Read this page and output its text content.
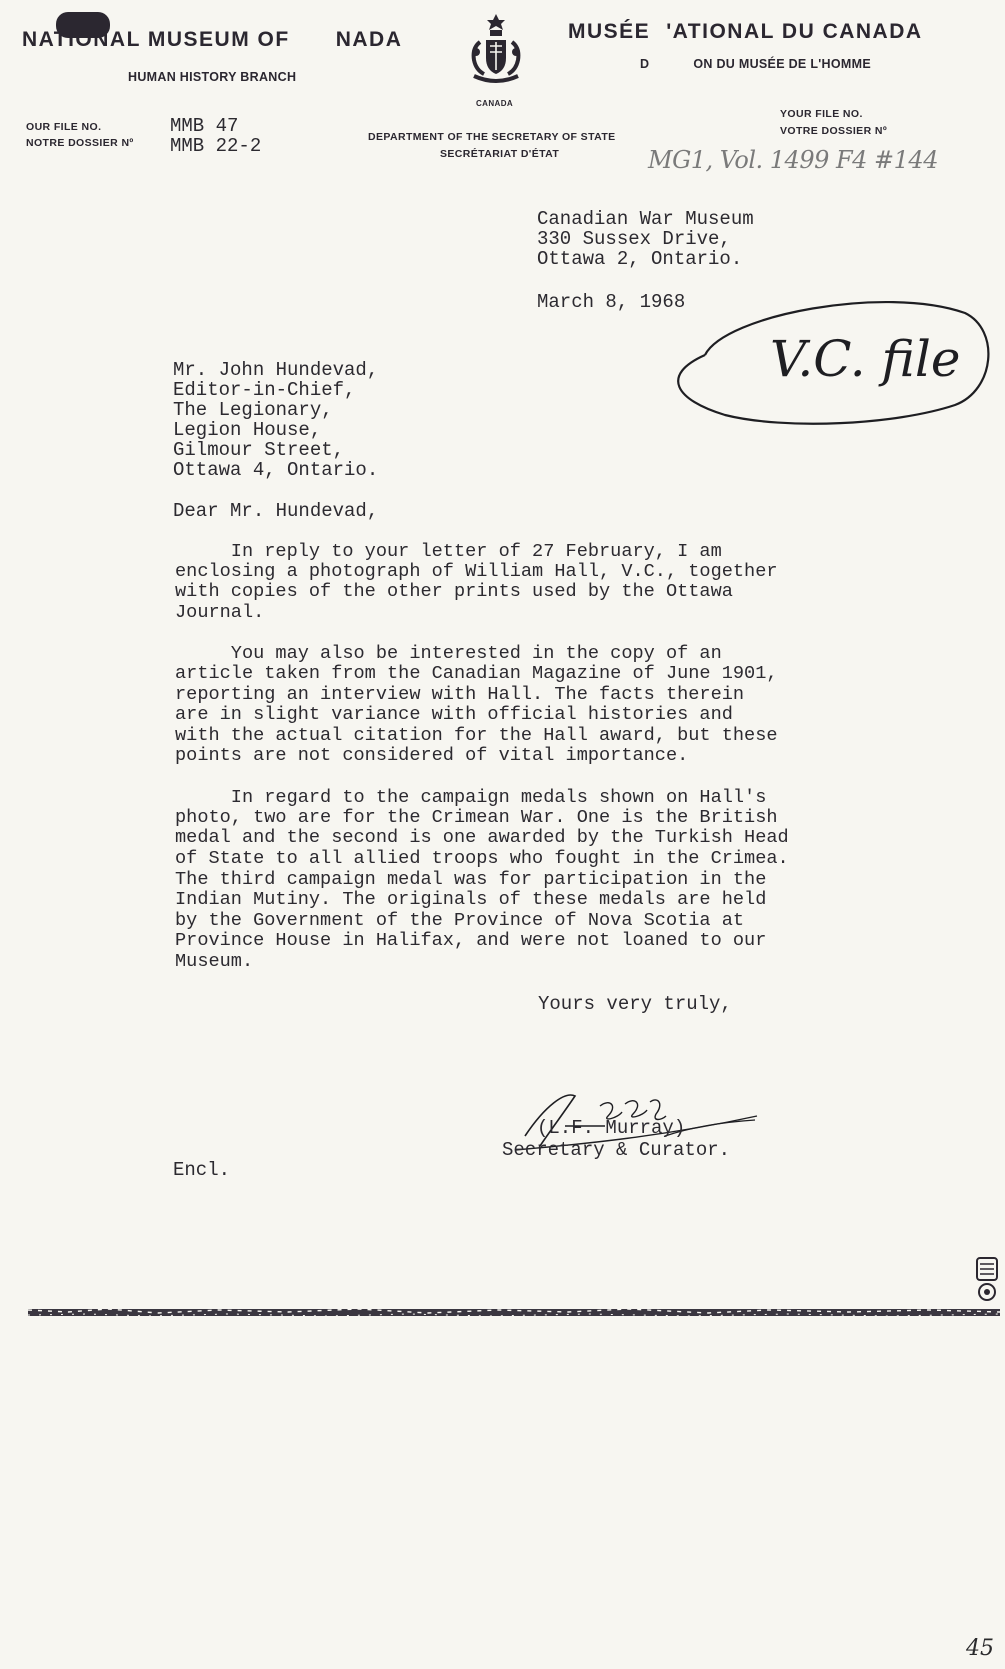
NATIONAL MUSEUM OF NADA
HUMAN HISTORY BRANCH
CANADA
MUSÉE 'ATIONAL DU CANADA
D	ON DU MUSÉE DE L'HOMME
DEPARTMENT OF THE SECRETARY OF STATE
SECRÉTARIAT D'ÉTAT
OUR FILE NO.
NOTRE DOSSIER Nº
MMB 47
MMB 22-2
YOUR FILE NO.
VOTRE DOSSIER Nº
MG1, Vol. 1499 F4 #144
Canadian War Museum
330 Sussex Drive,
Ottawa 2, Ontario.
March 8, 1968
V.C. file
Mr. John Hundevad,
Editor-in-Chief,
The Legionary,
Legion House,
Gilmour Street,
Ottawa 4, Ontario.
Dear Mr. Hundevad,
In reply to your letter of 27 February, I am
enclosing a photograph of William Hall, V.C., together
with copies of the other prints used by the Ottawa
Journal.
You may also be interested in the copy of an
article taken from the Canadian Magazine of June 1901,
reporting an interview with Hall. The facts therein
are in slight variance with official histories and
with the actual citation for the Hall award, but these
points are not considered of vital importance.
In regard to the campaign medals shown on Hall's
photo, two are for the Crimean War. One is the British
medal and the second is one awarded by the Turkish Head
of State to all allied troops who fought in the Crimea.
The third campaign medal was for participation in the
Indian Mutiny. The originals of these medals are held
by the Government of the Province of Nova Scotia at
Province House in Halifax, and were not loaned to our
Museum.
Yours very truly,
(L.F. Murray)
Secretary & Curator.
Encl.
45
